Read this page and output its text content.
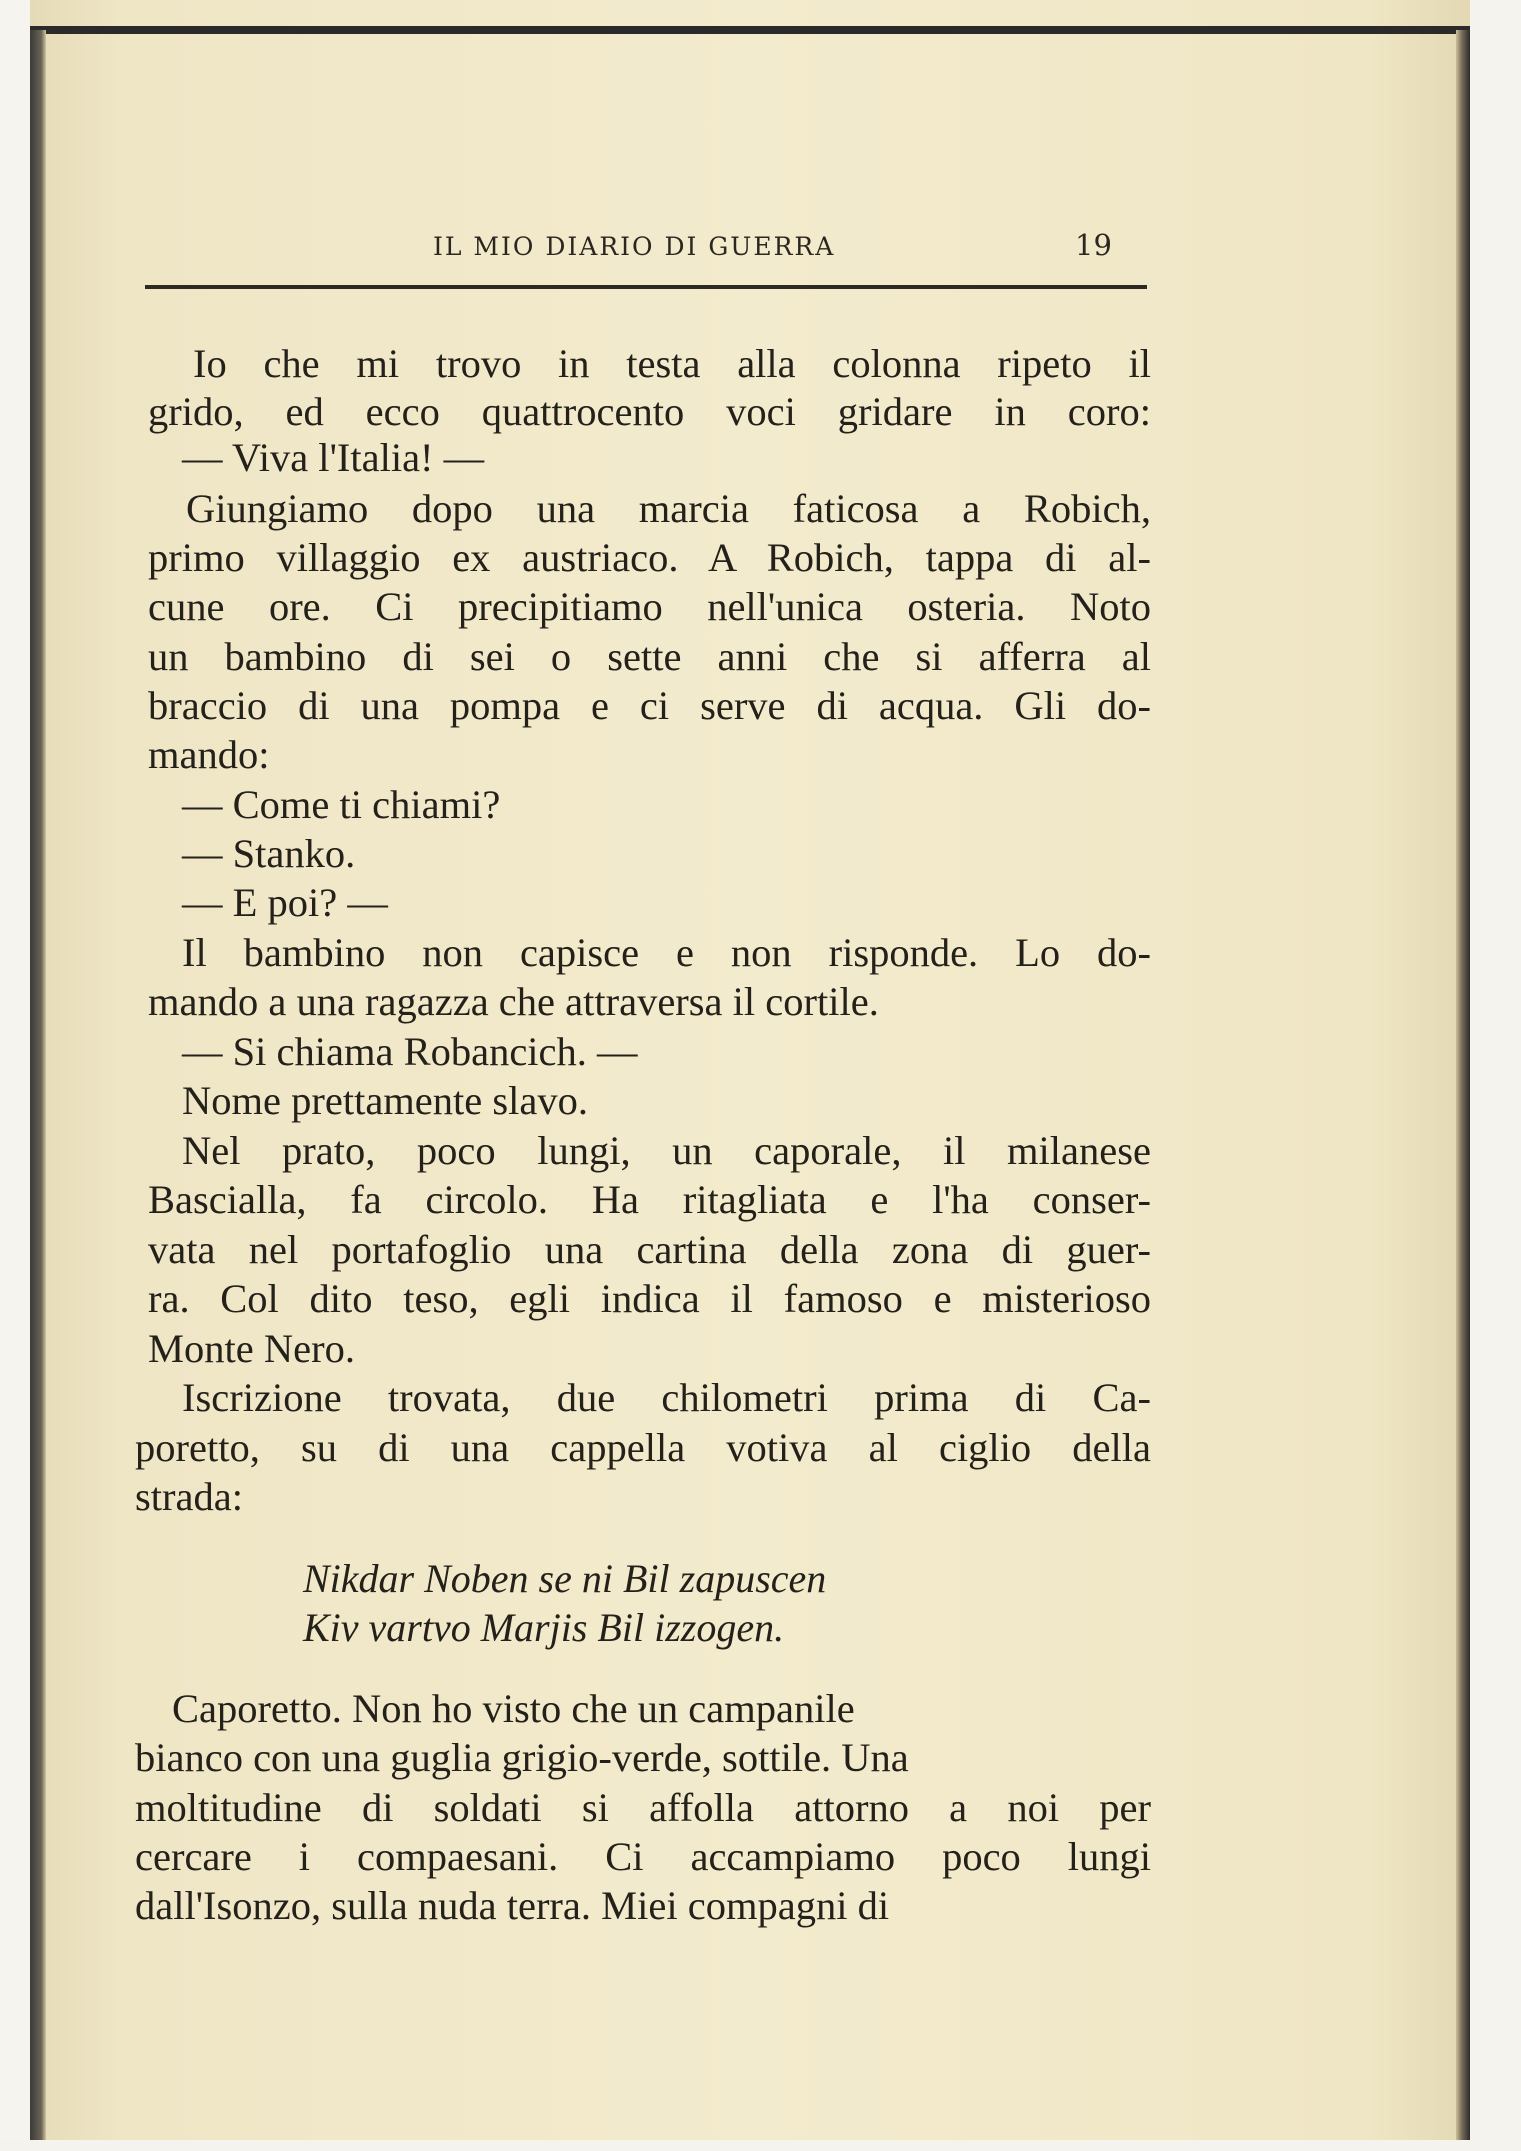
IL MIO DIARIO DI GUERRA	19
Io che mi trovo in testa alla colonna ripeto il
grido, ed ecco quattrocento voci gridare in coro:
— Viva l'Italia! —
Giungiamo dopo una marcia faticosa a Robich,
primo villaggio ex austriaco. A Robich, tappa di al-
cune ore. Ci precipitiamo nell'unica osteria. Noto
un bambino di sei o sette anni che si afferra al
braccio di una pompa e ci serve di acqua. Gli do-
mando:
— Come ti chiami?
— Stanko.
— E poi? —
Il bambino non capisce e non risponde. Lo do-
mando a una ragazza che attraversa il cortile.
— Si chiama Robancich. —
Nome prettamente slavo.
Nel prato, poco lungi, un caporale, il milanese
Bascialla, fa circolo. Ha ritagliata e l'ha conser-
vata nel portafoglio una cartina della zona di guer-
ra. Col dito teso, egli indica il famoso e misterioso
Monte Nero.
Iscrizione trovata, due chilometri prima di Ca-
poretto, su di una cappella votiva al ciglio della
strada:
Nikdar Noben se ni Bil zapuscen
Kiv vartvo Marjis Bil izzogen.
Caporetto. Non ho visto che un campanile
bianco con una guglia grigio-verde, sottile. Una
moltitudine di soldati si affolla attorno a noi per
cercare i compaesani. Ci accampiamo poco lungi
dall'Isonzo, sulla nuda terra. Miei compagni di
